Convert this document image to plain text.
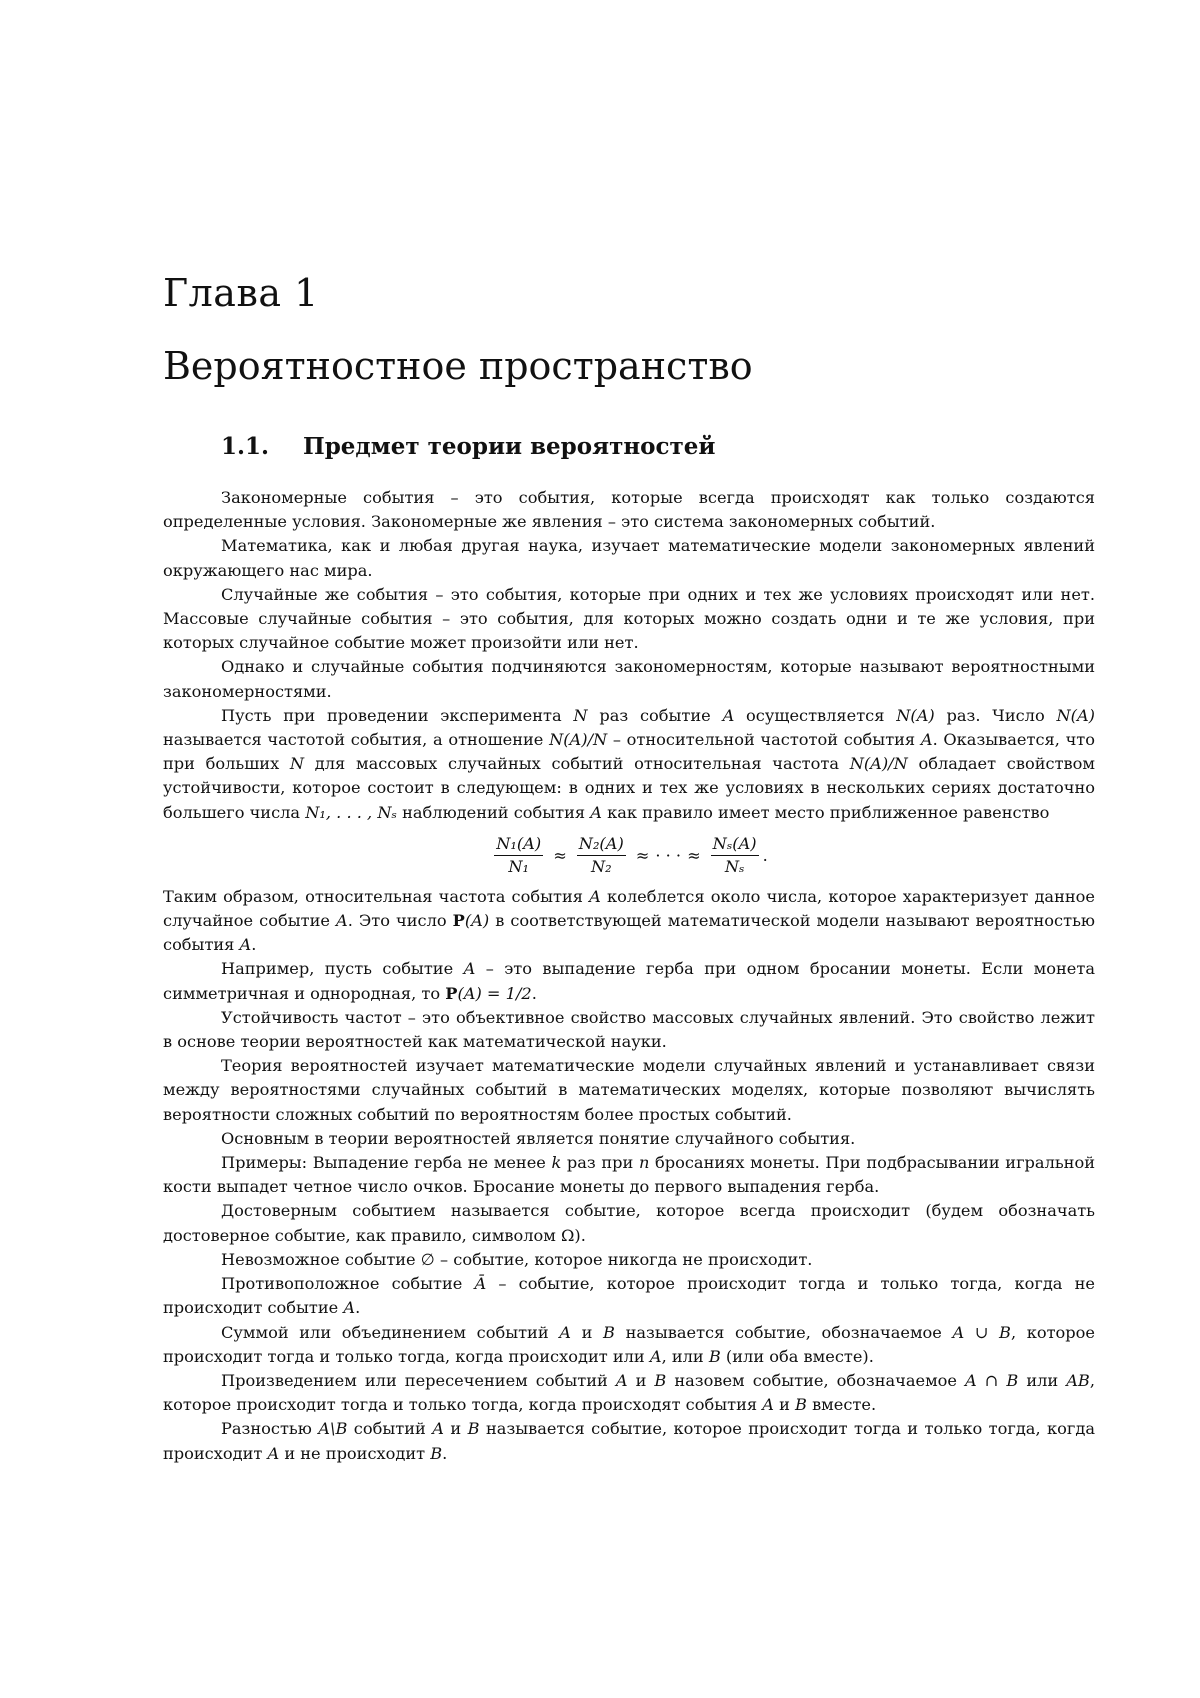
Глава 1
Вероятностное пространство
1.1. Предмет теории вероятностей

Закономерные события – это события, которые всегда происходят как только создаются определенные условия. Закономерные же явления – это система закономерных событий.

Математика, как и любая другая наука, изучает математические модели закономерных явлений окружающего нас мира.

Случайные же события – это события, которые при одних и тех же условиях происходят или нет. Массовые случайные события – это события, для которых можно создать одни и те же условия, при которых случайное событие может произойти или нет.

Однако и случайные события подчиняются закономерностям, которые называют вероятностными закономерностями.

Пусть при проведении эксперимента N раз событие A осуществляется N(A) раз. Число N(A) называется частотой события, а отношение N(A)/N – относительной частотой события A. Оказывается, что при больших N для массовых случайных событий относительная частота N(A)/N обладает свойством устойчивости, которое состоит в следующем: в одних и тех же условиях в нескольких сериях достаточно большего числа N₁, . . . , Nₛ наблюдений события A как правило имеет место приближенное равенство

N₁(A)
N₁
≈
N₂(A)
N₂
≈ · · · ≈
Nₛ(A)
Nₛ
.

Таким образом, относительная частота события A колеблется около числа, которое характеризует данное случайное событие A. Это число P(A) в соответствующей математической модели называют вероятностью события A.

Например, пусть событие A – это выпадение герба при одном бросании монеты. Если монета симметричная и однородная, то P(A) = 1/2.

Устойчивость частот – это объективное свойство массовых случайных явлений. Это свойство лежит в основе теории вероятностей как математической науки.

Теория вероятностей изучает математические модели случайных явлений и устанавливает связи между вероятностями случайных событий в математических моделях, которые позволяют вычислять вероятности сложных событий по вероятностям более простых событий.

Основным в теории вероятностей является понятие случайного события.

Примеры: Выпадение герба не менее k раз при n бросаниях монеты. При подбрасывании игральной кости выпадет четное число очков. Бросание монеты до первого выпадения герба.

Достоверным событием называется событие, которое всегда происходит (будем обозначать достоверное событие, как правило, символом Ω).

Невозможное событие ∅ – событие, которое никогда не происходит.

Противоположное событие Ā – событие, которое происходит тогда и только тогда, когда не происходит событие A.

Суммой или объединением событий A и B называется событие, обозначаемое A ∪ B, которое происходит тогда и только тогда, когда происходит или A, или B (или оба вместе).

Произведением или пересечением событий A и B назовем событие, обозначаемое A ∩ B или AB, которое происходит тогда и только тогда, когда происходят события A и B вместе.

Разностью A\B событий A и B называется событие, которое происходит тогда и только тогда, когда происходит A и не происходит B.
